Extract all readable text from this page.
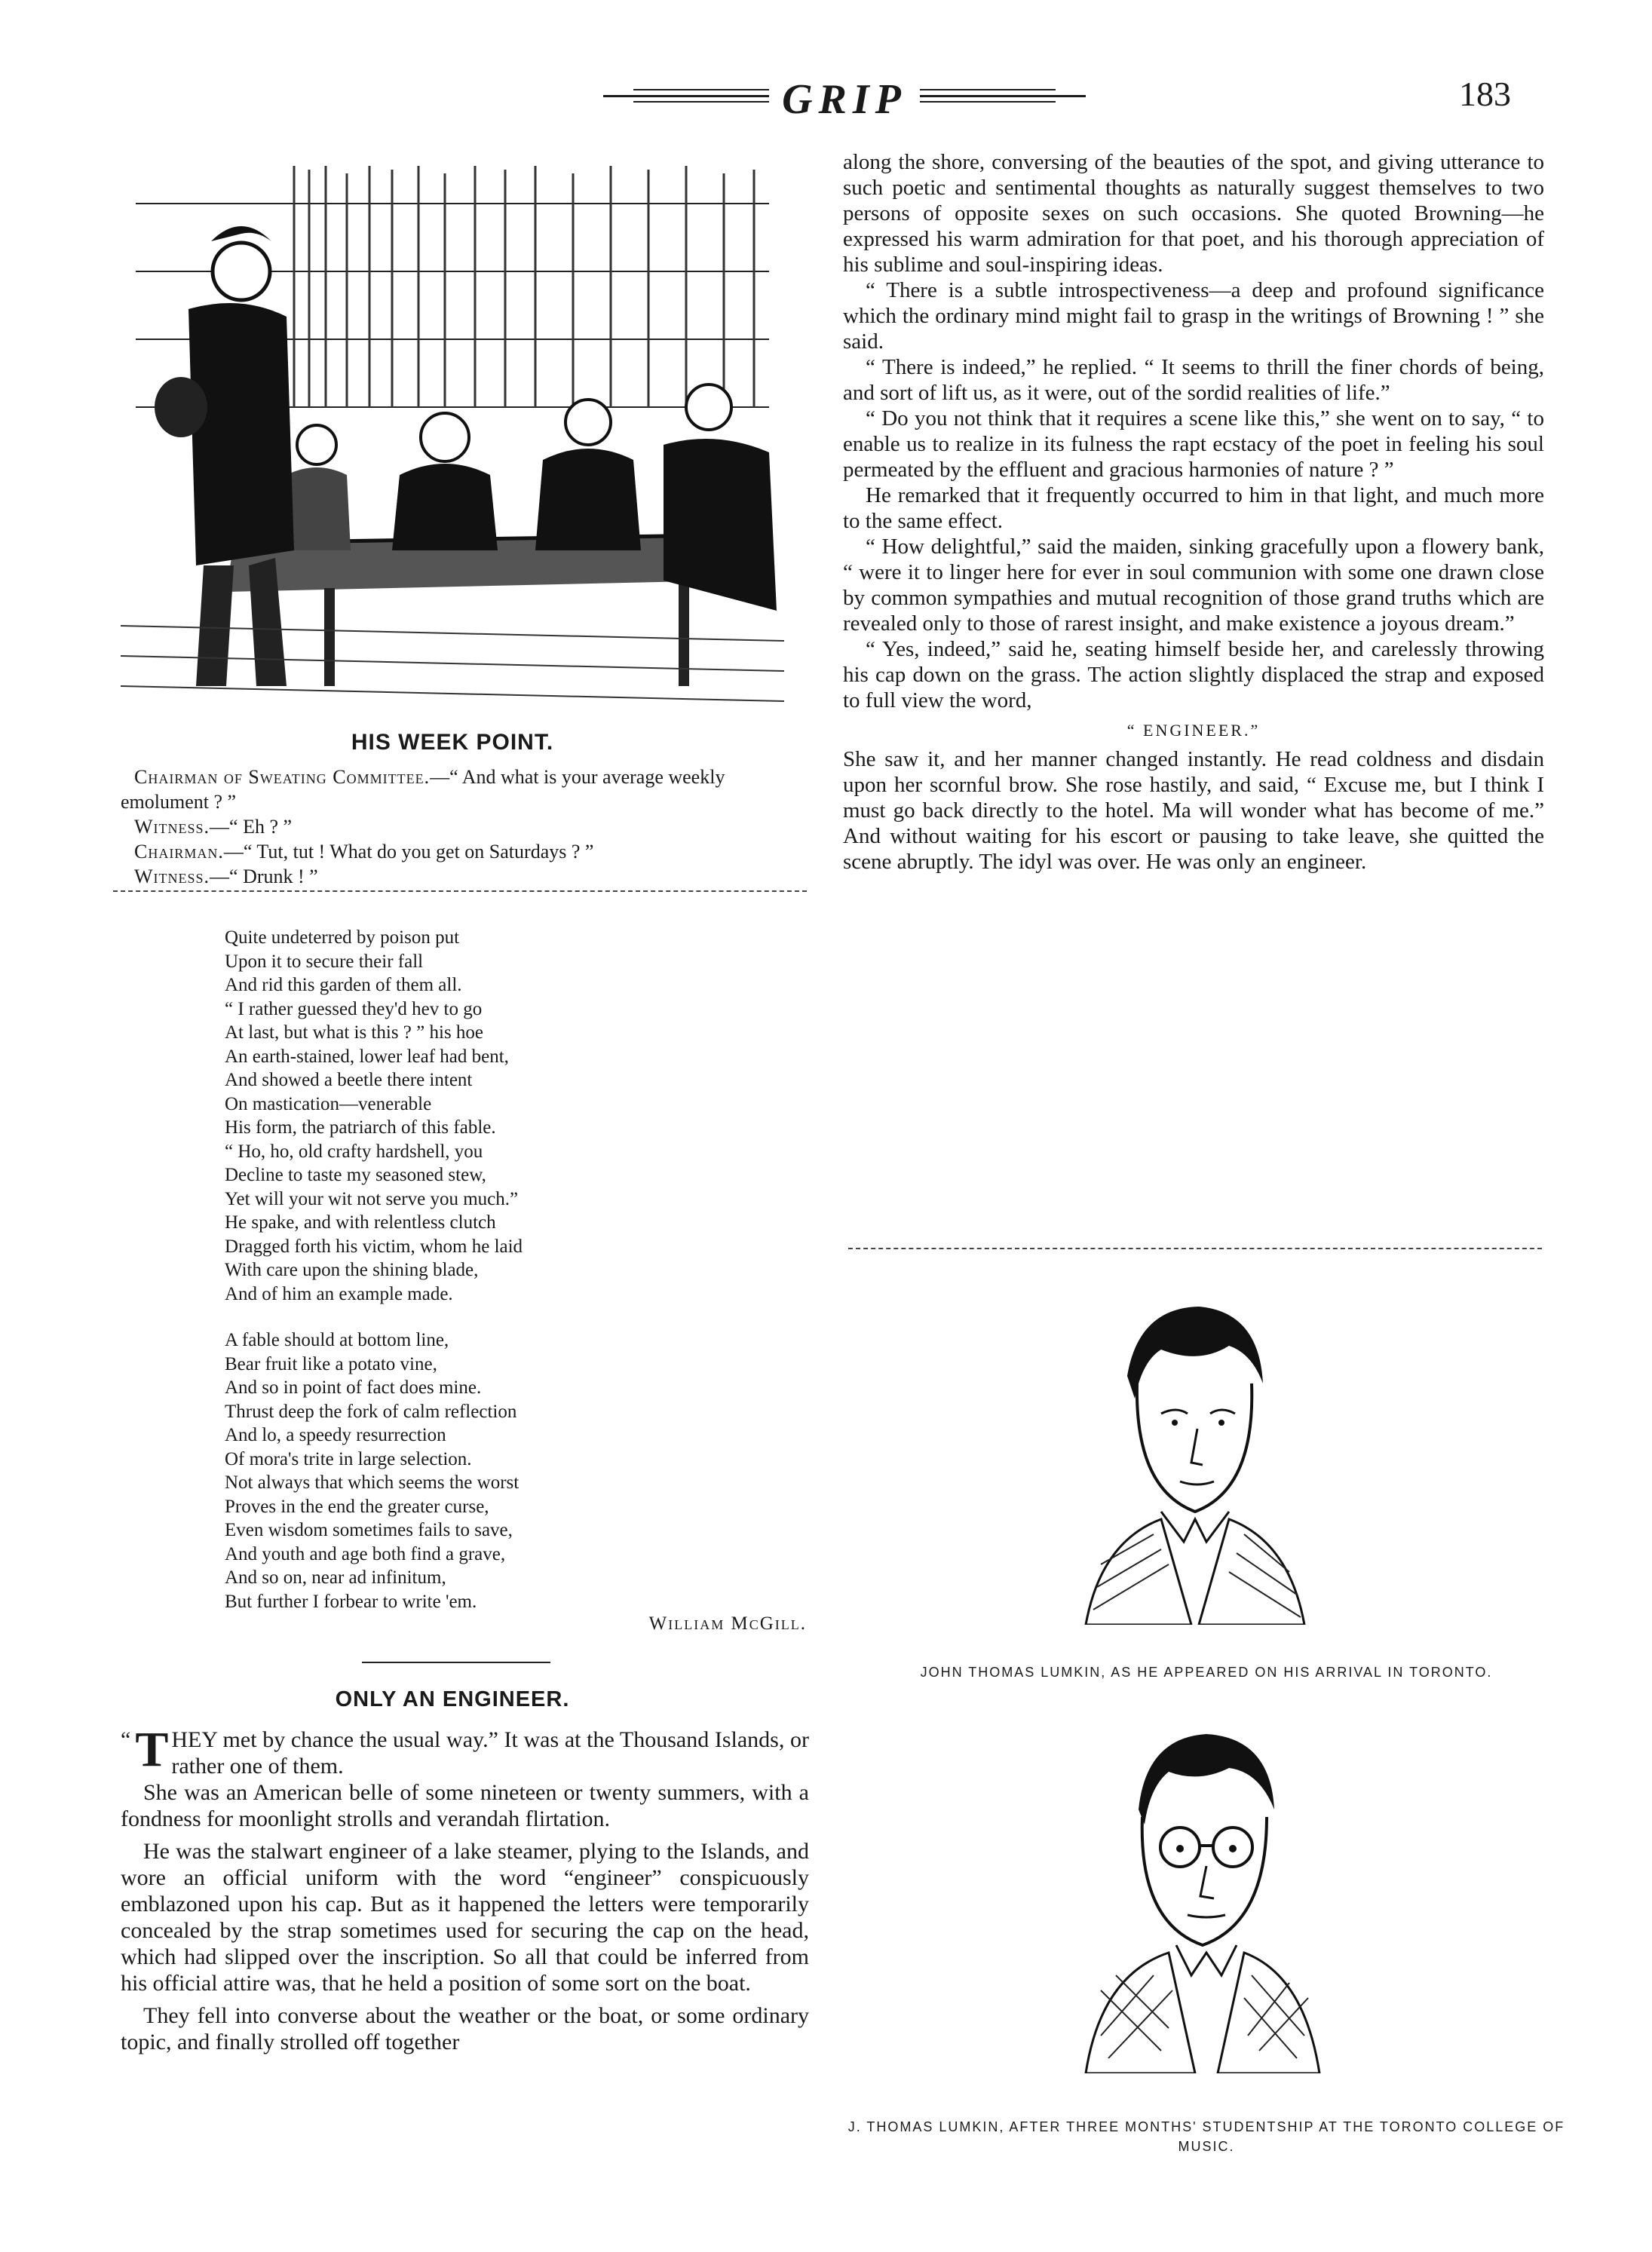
GRIP	183
HIS WEEK POINT.
Chairman of Sweating Committee.—“ And what is your average weekly emolument ? ”
Witness.—“ Eh ? ”
Chairman.—“ Tut, tut ! What do you get on Saturdays ? ”
Witness.—“ Drunk ! ”
Quite undeterred by poison put
Upon it to secure their fall
And rid this garden of them all.
“ I rather guessed they'd hev to go
At last, but what is this ? ” his hoe
An earth-stained, lower leaf had bent,
And showed a beetle there intent
On mastication—venerable
His form, the patriarch of this fable.
“ Ho, ho, old crafty hardshell, you
Decline to taste my seasoned stew,
Yet will your wit not serve you much.”
He spake, and with relentless clutch
Dragged forth his victim, whom he laid
With care upon the shining blade,
And of him an example made.
A fable should at bottom line,
Bear fruit like a potato vine,
And so in point of fact does mine.
Thrust deep the fork of calm reflection
And lo, a speedy resurrection
Of mora's trite in large selection.
Not always that which seems the worst
Proves in the end the greater curse,
Even wisdom sometimes fails to save,
And youth and age both find a grave,
And so on, near ad infinitum,
But further I forbear to write 'em.
William McGill.
ONLY AN ENGINEER.

“ T HEY met by chance the usual way.” It was at the Thousand Islands, or rather one of them.

She was an American belle of some nineteen or twenty summers, with a fondness for moonlight strolls and verandah flirtation.

He was the stalwart engineer of a lake steamer, plying to the Islands, and wore an official uniform with the word “engineer” conspicuously emblazoned upon his cap. But as it happened the letters were temporarily concealed by the strap sometimes used for securing the cap on the head, which had slipped over the inscription. So all that could be inferred from his official attire was, that he held a position of some sort on the boat.

They fell into converse about the weather or the boat, or some ordinary topic, and finally strolled off together

along the shore, conversing of the beauties of the spot, and giving utterance to such poetic and sentimental thoughts as naturally suggest themselves to two persons of opposite sexes on such occasions. She quoted Browning—he expressed his warm admiration for that poet, and his thorough appreciation of his sublime and soul-inspiring ideas.

“ There is a subtle introspectiveness—a deep and profound significance which the ordinary mind might fail to grasp in the writings of Browning ! ” she said.

“ There is indeed,” he replied. “ It seems to thrill the finer chords of being, and sort of lift us, as it were, out of the sordid realities of life.”

“ Do you not think that it requires a scene like this,” she went on to say, “ to enable us to realize in its fulness the rapt ecstacy of the poet in feeling his soul permeated by the effluent and gracious harmonies of nature ? ”

He remarked that it frequently occurred to him in that light, and much more to the same effect.

“ How delightful,” said the maiden, sinking gracefully upon a flowery bank, “ were it to linger here for ever in soul communion with some one drawn close by common sympathies and mutual recognition of those grand truths which are revealed only to those of rarest insight, and make existence a joyous dream.”

“ Yes, indeed,” said he, seating himself beside her, and carelessly throwing his cap down on the grass. The action slightly displaced the strap and exposed to full view the word,

“ ENGINEER.”

She saw it, and her manner changed instantly. He read coldness and disdain upon her scornful brow. She rose hastily, and said, “ Excuse me, but I think I must go back directly to the hotel. Ma will wonder what has become of me.” And without waiting for his escort or pausing to take leave, she quitted the scene abruptly. The idyl was over. He was only an engineer.

JOHN THOMAS LUMKIN, AS HE APPEARED ON HIS ARRIVAL IN TORONTO.
J. THOMAS LUMKIN, AFTER THREE MONTHS' STUDENTSHIP AT THE TORONTO COLLEGE OF MUSIC.
